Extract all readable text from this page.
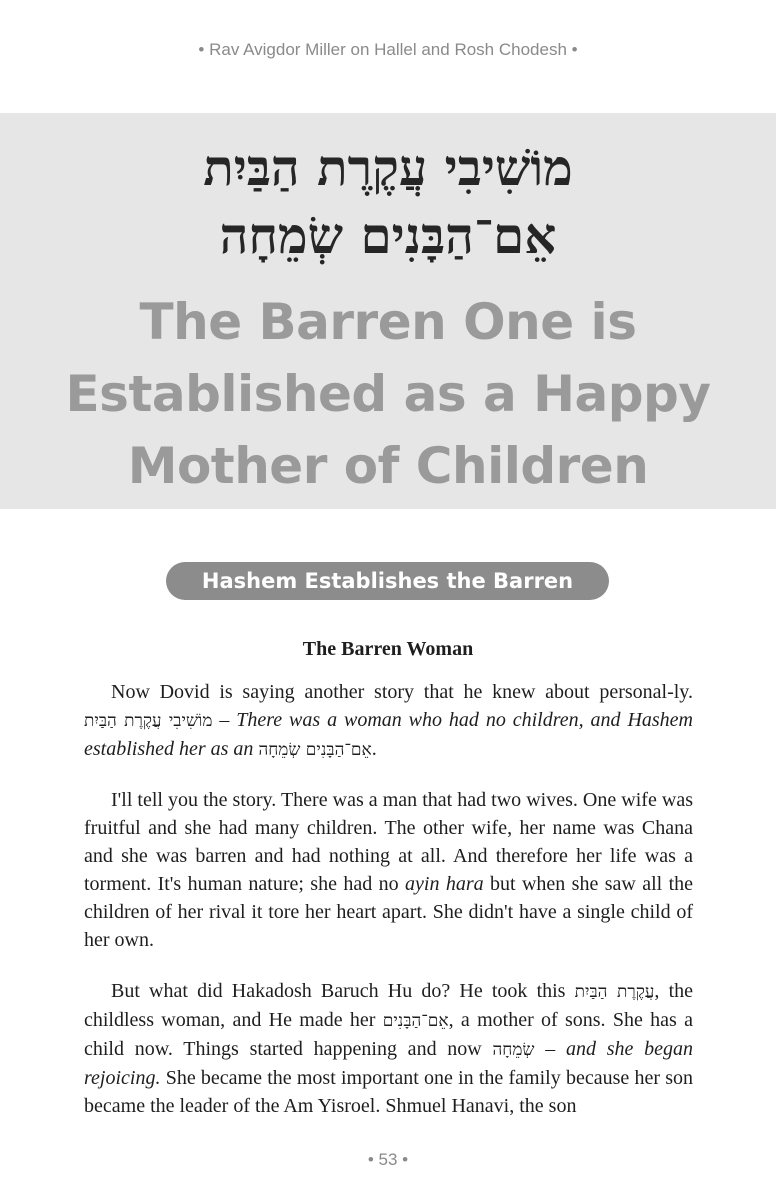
• Rav Avigdor Miller on Hallel and Rosh Chodesh •
מוֹשִׁיבִי עֲקֶרֶת הַבַּיִת
אֵם־הַבָּנִים שְׂמֵחָה
The Barren One is Established as a Happy Mother of Children
Hashem Establishes the Barren
The Barren Woman

Now Dovid is saying another story that he knew about personal-ly. מוֹשִׁיבִי עֲקֶרֶת הַבַּיִת – There was a woman who had no children, and Hashem established her as an אֵם־הַבָּנִים שְׂמֵחָה.

I'll tell you the story. There was a man that had two wives. One wife was fruitful and she had many children. The other wife, her name was Chana and she was barren and had nothing at all. And therefore her life was a torment. It's human nature; she had no ayin hara but when she saw all the children of her rival it tore her heart apart. She didn't have a single child of her own.

But what did Hakadosh Baruch Hu do? He took this עֲקֶרֶת הַבַּיִת, the childless woman, and He made her אֵם־הַבָּנִים, a mother of sons. She has a child now. Things started happening and now שְׂמֵחָה – and she began rejoicing. She became the most important one in the family because her son became the leader of the Am Yisroel. Shmuel Hanavi, the son

• 53 •
